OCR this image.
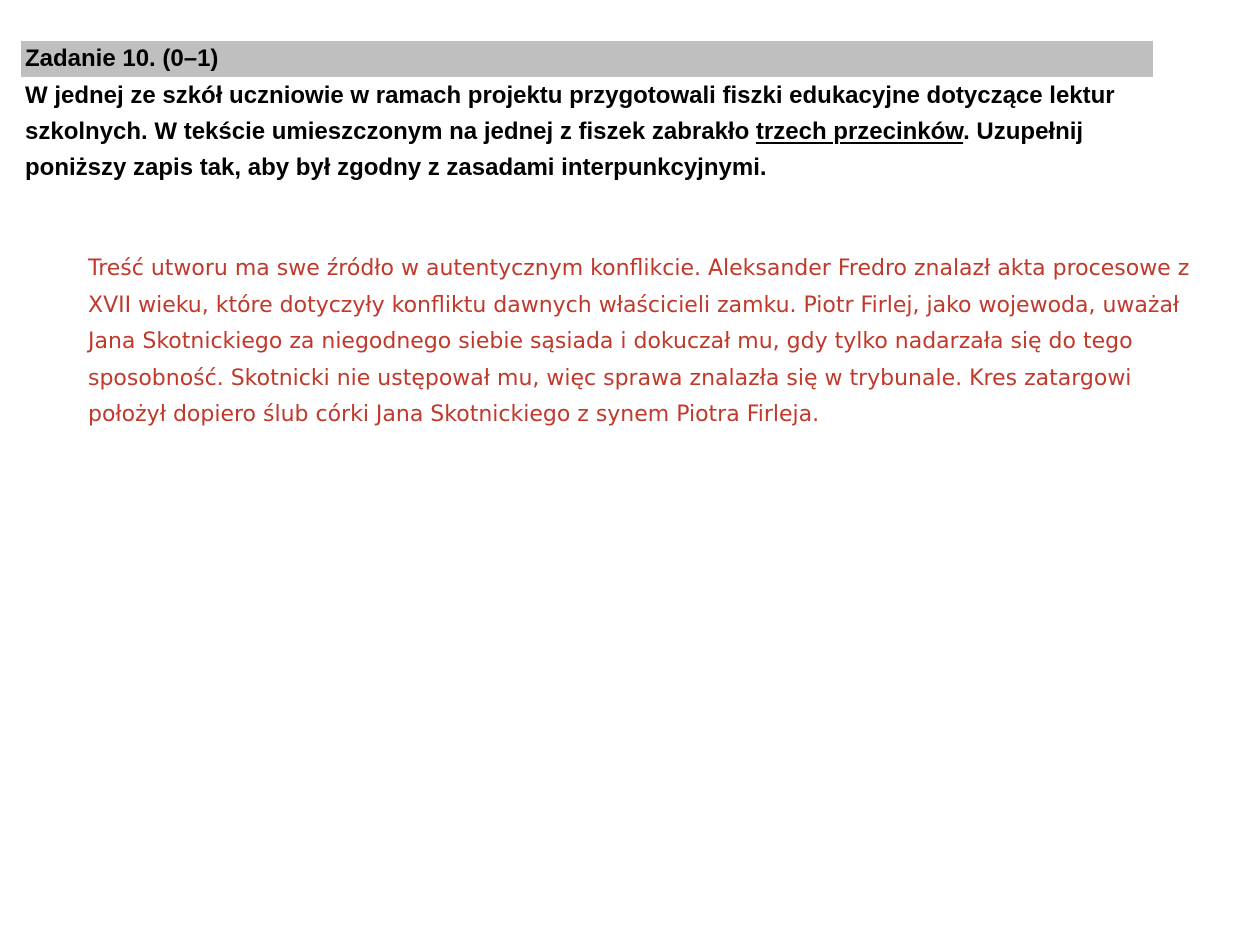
Zadanie 10. (0–1)
W jednej ze szkół uczniowie w ramach projektu przygotowali fiszki edukacyjne dotyczące lektur szkolnych. W tekście umieszczonym na jednej z fiszek zabrakło trzech przecinków. Uzupełnij poniższy zapis tak, aby był zgodny z zasadami interpunkcyjnymi.
Treść utworu ma swe źródło w autentycznym konflikcie. Aleksander Fredro znalazł akta procesowe z XVII wieku, które dotyczyły konfliktu dawnych właścicieli zamku. Piotr Firlej, jako wojewoda, uważał Jana Skotnickiego za niegodnego siebie sąsiada i dokuczał mu, gdy tylko nadarzała się do tego sposobność. Skotnicki nie ustępował mu, więc sprawa znalazła się w trybunale. Kres zatargowi położył dopiero ślub córki Jana Skotnickiego z synem Piotra Firleja.
